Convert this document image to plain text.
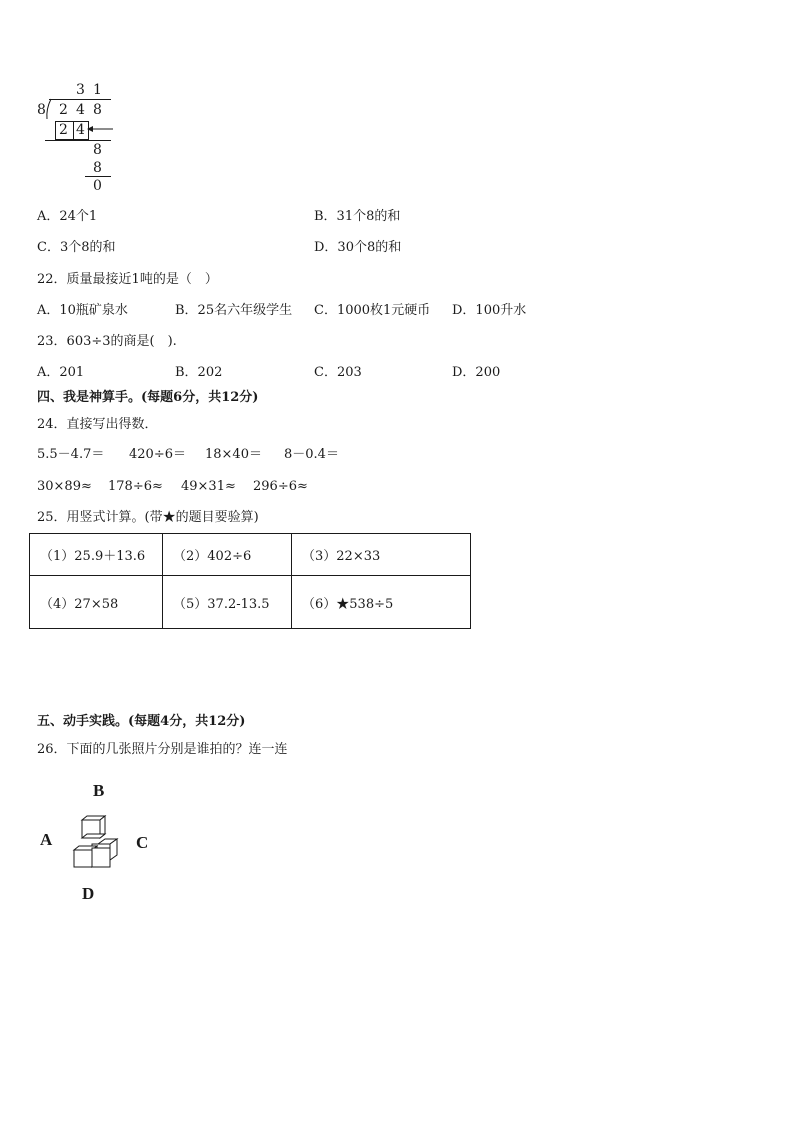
3 1
8 2 4 8
2 4
8
8
0
A．24个1	B．31个8的和
C．3个8的和	D．30个8的和
22．质量最接近1吨的是（　）
A．10瓶矿泉水	B．25名六年级学生 C．1000枚1元硬币 D．100升水
23．603÷3的商是(　).
A．201	B．202	C．203	D．200
四、我是神算手。(每题6分，共12分)
24．直接写出得数．
5.5－4.7＝ 420÷6＝ 18×40＝ 8－0.4＝
30×89≈ 178÷6≈ 49×31≈ 296÷6≈
25．用竖式计算。(带★的题目要验算)
（1）25.9＋13.6	（2）402÷6	（3）22×33
（4）27×58	（5）37.2-13.5	（6）★538÷5
五、动手实践。(每题4分，共12分)
26．下面的几张照片分别是谁拍的？连一连
B
A	C
D
